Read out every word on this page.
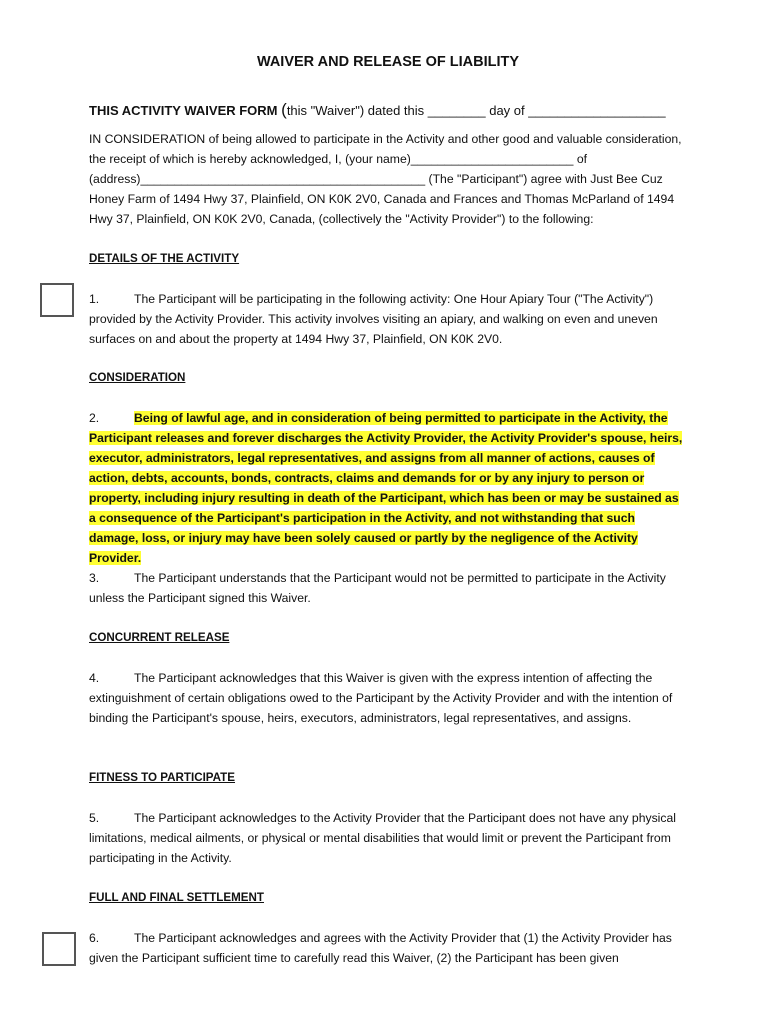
WAIVER AND RELEASE OF LIABILITY
THIS ACTIVITY WAIVER FORM (this "Waiver") dated this ________ day of ___________________

IN CONSIDERATION of being allowed to participate in the Activity and other good and valuable consideration, the receipt of which is hereby acknowledged, I, (your name)________________________ of (address)__________________________________________ (The "Participant") agree with Just Bee Cuz Honey Farm of 1494 Hwy 37, Plainfield, ON K0K 2V0, Canada and Frances and Thomas McParland of 1494 Hwy 37, Plainfield, ON K0K 2V0, Canada, (collectively the "Activity Provider") to the following:

DETAILS OF THE ACTIVITY

1.	The Participant will be participating in the following activity: One Hour Apiary Tour ("The Activity") provided by the Activity Provider. This activity involves visiting an apiary, and walking on even and uneven surfaces on and about the property at 1494 Hwy 37, Plainfield, ON K0K 2V0.

CONSIDERATION

2.	Being of lawful age, and in consideration of being permitted to participate in the Activity, the Participant releases and forever discharges the Activity Provider, the Activity Provider's spouse, heirs, executor, administrators, legal representatives, and assigns from all manner of actions, causes of action, debts, accounts, bonds, contracts, claims and demands for or by any injury to person or property, including injury resulting in death of the Participant, which has been or may be sustained as a consequence of the Participant's participation in the Activity, and not withstanding that such damage, loss, or injury may have been solely caused or partly by the negligence of the Activity Provider.

3.	The Participant understands that the Participant would not be permitted to participate in the Activity unless the Participant signed this Waiver.

CONCURRENT RELEASE

4.	The Participant acknowledges that this Waiver is given with the express intention of affecting the extinguishment of certain obligations owed to the Participant by the Activity Provider and with the intention of binding the Participant's spouse, heirs, executors, administrators, legal representatives, and assigns.

FITNESS TO PARTICIPATE

5.	The Participant acknowledges to the Activity Provider that the Participant does not have any physical limitations, medical ailments, or physical or mental disabilities that would limit or prevent the Participant from participating in the Activity.

FULL AND FINAL SETTLEMENT

6.	The Participant acknowledges and agrees with the Activity Provider that (1) the Activity Provider has given the Participant sufficient time to carefully read this Waiver, (2) the Participant has been given
